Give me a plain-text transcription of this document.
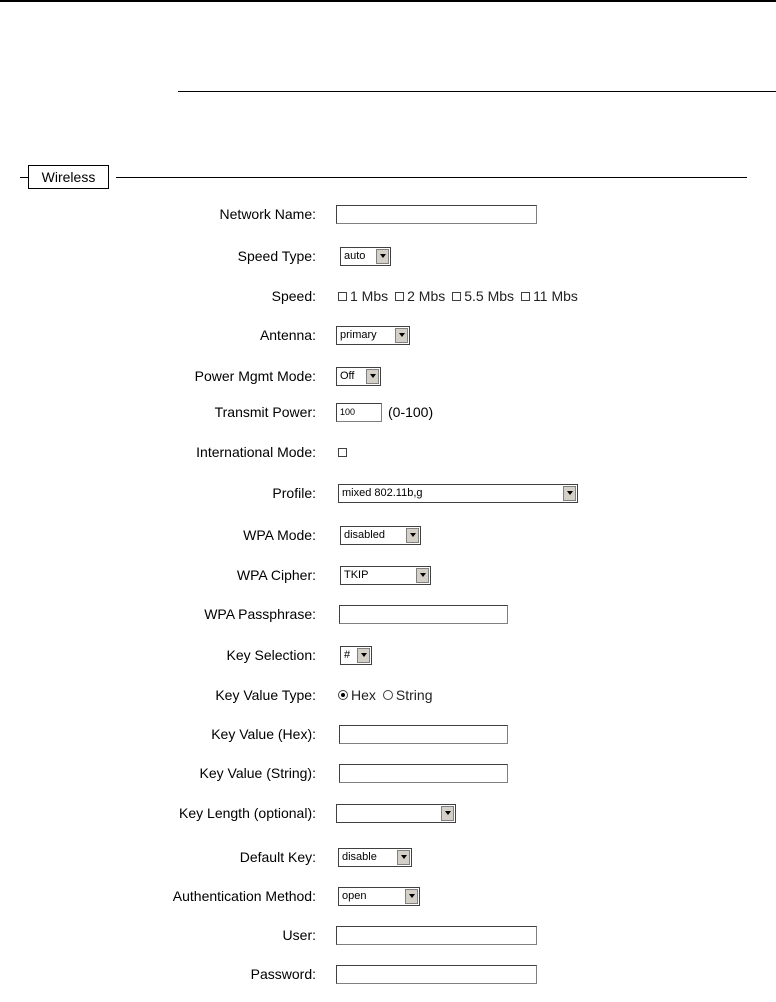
Wireless
Network Name:
Speed Type:	auto
Speed: 1 Mbs 2 Mbs 5.5 Mbs 11 Mbs
Antenna: primary
Power Mgmt Mode: Off
Transmit Power:	100	(0-100)
International Mode:
Profile: mixed 802.11b,g
WPA Mode:	disabled
WPA Cipher:	TKIP
WPA Passphrase:
Key Selection:	#
Key Value Type:	Hex String
Key Value (Hex):
Key Value (String):
Key Length (optional):
Default Key: disable
Authentication Method: open
User:
Password:
